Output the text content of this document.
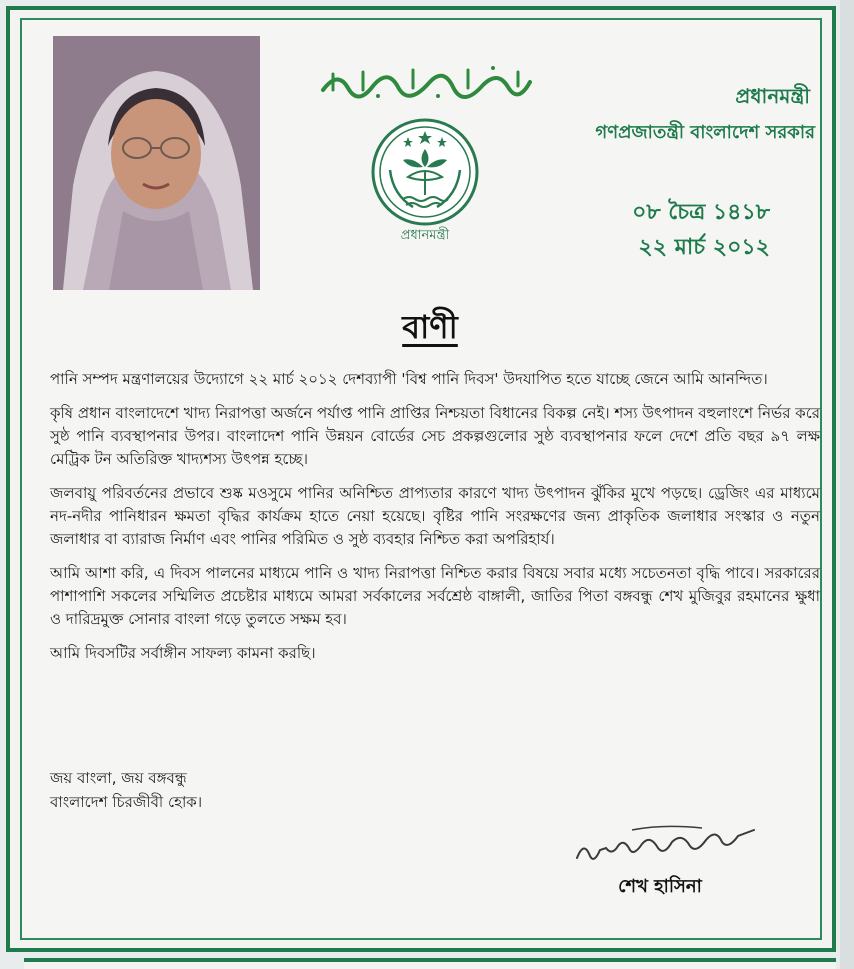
প্রধানমন্ত্রী
প্রধানমন্ত্রী
গণপ্রজাতন্ত্রী বাংলাদেশ সরকার
০৮ চৈত্র ১৪১৮
২২ মার্চ ২০১২
বাণী

পানি সম্পদ মন্ত্রণালয়ের উদ্যোগে ২২ মার্চ ২০১২ দেশব্যাপী 'বিশ্ব পানি দিবস' উদযাপিত হতে যাচ্ছে জেনে আমি আনন্দিত।

কৃষি প্রধান বাংলাদেশে খাদ্য নিরাপত্তা অর্জনে পর্যাপ্ত পানি প্রাপ্তির নিশ্চয়তা বিধানের বিকল্প নেই। শস্য উৎপাদন বহুলাংশে নির্ভর করে সুষ্ঠ পানি ব্যবস্থাপনার উপর। বাংলাদেশ পানি উন্নয়ন বোর্ডের সেচ প্রকল্পগুলোর সুষ্ঠ ব্যবস্থাপনার ফলে দেশে প্রতি বছর ৯৭ লক্ষ মেট্রিক টন অতিরিক্ত খাদ্যশস্য উৎপন্ন হচ্ছে।

জলবায়ু পরিবর্তনের প্রভাবে শুষ্ক মওসুমে পানির অনিশ্চিত প্রাপ্যতার কারণে খাদ্য উৎপাদন ঝুঁকির মুখে পড়ছে। ড্রেজিং এর মাধ্যমে নদ-নদীর পানিধারন ক্ষমতা বৃদ্ধির কার্যক্রম হাতে নেয়া হয়েছে। বৃষ্টির পানি সংরক্ষণের জন্য প্রাকৃতিক জলাধার সংস্কার ও নতুন জলাধার বা ব্যারাজ নির্মাণ এবং পানির পরিমিত ও সুষ্ঠ ব্যবহার নিশ্চিত করা অপরিহার্য।

আমি আশা করি, এ দিবস পালনের মাধ্যমে পানি ও খাদ্য নিরাপত্তা নিশ্চিত করার বিষয়ে সবার মধ্যে সচেতনতা বৃদ্ধি পাবে। সরকারের পাশাপাশি সকলের সম্মিলিত প্রচেষ্টার মাধ্যমে আমরা সর্বকালের সর্বশ্রেষ্ঠ বাঙ্গালী, জাতির পিতা বঙ্গবন্ধু শেখ মুজিবুর রহমানের ক্ষুধা ও দারিদ্রমুক্ত সোনার বাংলা গড়ে তুলতে সক্ষম হব।

আমি দিবসটির সর্বাঙ্গীন সাফল্য কামনা করছি।

জয় বাংলা, জয় বঙ্গবন্ধু
বাংলাদেশ চিরজীবী হোক।
শেখ হাসিনা
